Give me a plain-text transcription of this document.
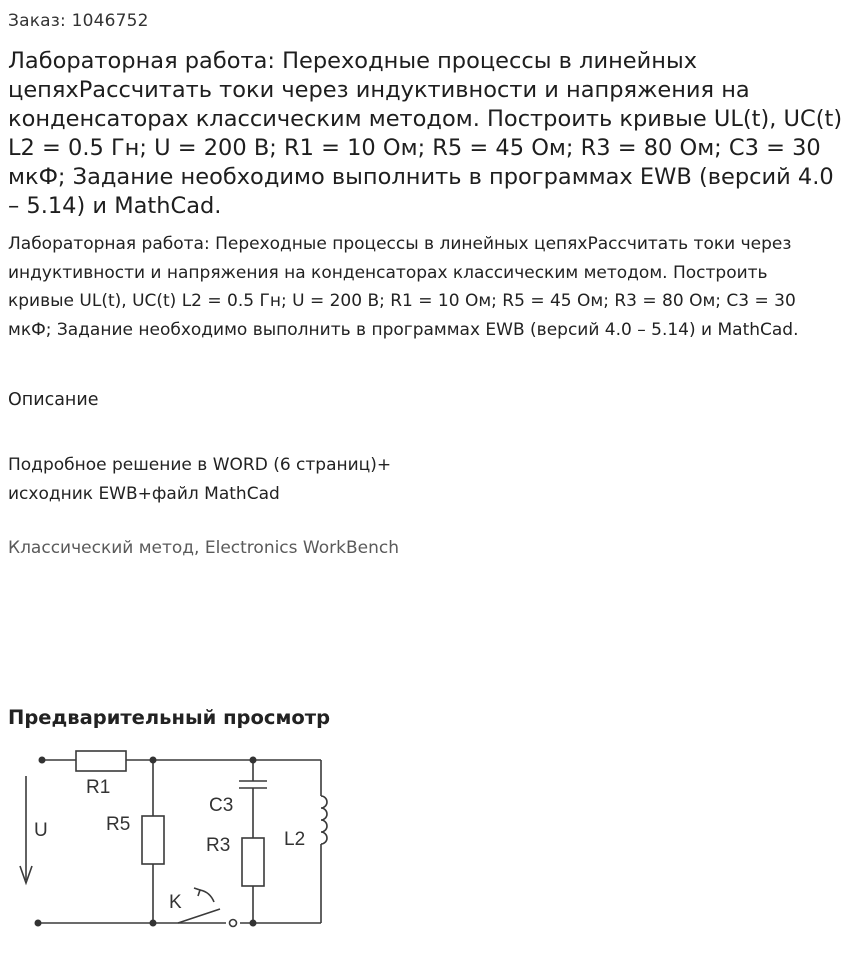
Заказ: 1046752
Лабораторная работа: Переходные процессы в линейных цепяхРассчитать токи через индуктивности и напряжения на конденсаторах классическим методом. Построить кривые UL(t), UC(t) L2 = 0.5 Гн; U = 200 В; R1 = 10 Ом; R5 = 45 Ом; R3 = 80 Ом; C3 = 30 мкФ; Задание необходимо выполнить в программах EWB (версий 4.0 – 5.14) и MathCad.
Лабораторная работа: Переходные процессы в линейных цепяхРассчитать токи через индуктивности и напряжения на конденсаторах классическим методом. Построить кривые UL(t), UC(t) L2 = 0.5 Гн; U = 200 В; R1 = 10 Ом; R5 = 45 Ом; R3 = 80 Ом; C3 = 30 мкФ; Задание необходимо выполнить в программах EWB (версий 4.0 – 5.14) и MathCad.
Описание
Подробное решение в WORD (6 страниц)+
исходник EWB+файл MathCad
Классический метод, Electronics WorkBench
Предварительный просмотр
R1
U	R5
C3
R3	L2
K
